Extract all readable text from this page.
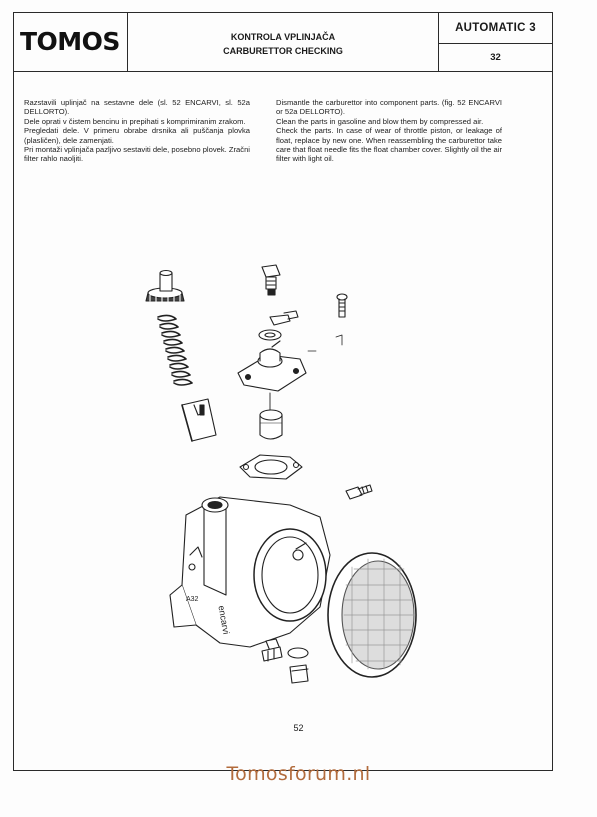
TOMOS	KONTROLA VPLINJAČA
CARBURETTOR CHECKING
AUTOMATIC 3
32
Razstavili uplinjač na sestavne dele (sl. 52 ENCARVI, sl. 52a DELLORTO).
Dele oprati v čistem bencinu in prepihati s komprimiranim zrakom.
Pregledati dele. V primeru obrabe drsnika ali puščanja plovka (plasličen), dele zamenjati.
Pri montaži vplinjača pazljivo sestaviti dele, posebno plovek. Zračni filter rahlo naoljiti.
Dismantle the carburettor into component parts. (fig. 52 ENCARVI or 52a DELLORTO).
Clean the parts in gasoline and blow them by compressed air.
Check the parts. In case of wear of throttle piston, or leakage of float, replace by new one. When reassembling the carburettor take care that float needle fits the float chamber cover. Slightly oil the air filter with light oil.
encarvi
A32
52
Tomosforum.nl
